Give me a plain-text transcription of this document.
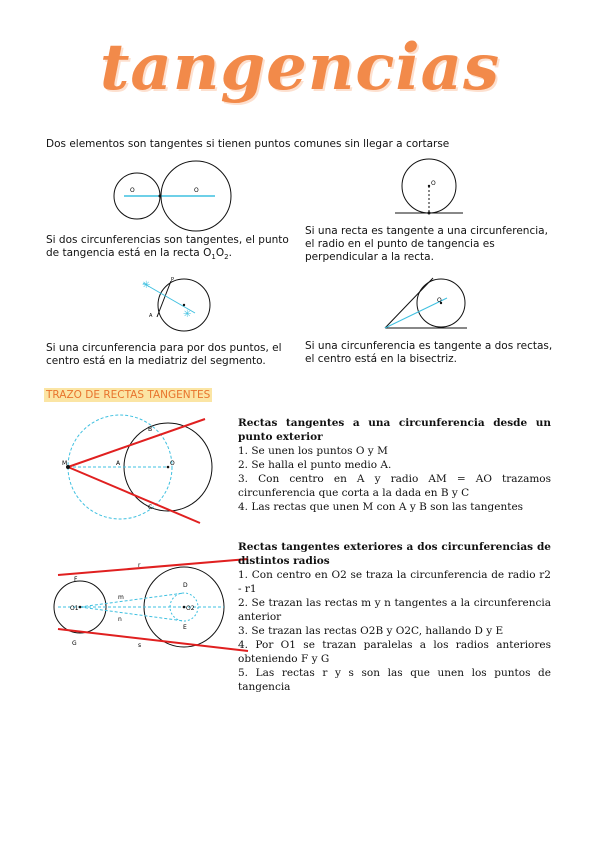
tangencias
Dos elementos son tangentes si tienen puntos comunes sin llegar a cortarse
O	O
O
Si dos circunferencias son tangentes, el punto
de tangencia está en la recta $O_1O_2$.
Si una recta es tangente a una circunferencia,
el radio en el punto de tangencia es
perpendicular a la recta.
✳
✳
P
A
O
Si una circunferencia para por dos puntos, el
centro está en la mediatriz del segmento.
Si una circunferencia es tangente a dos rectas,
el centro está en la bisectriz.
TRAZO DE RECTAS TANGENTES
M	A	O
B
C
Rectas tangentes a una circunferencia desde un punto exterior
1. Se unen los puntos O y M
2. Se halla el punto medio A.
3. Con centro en A y radio AM = AO trazamos circunferencia que corta a la dada en B y C
4. Las rectas que unen M con A y B son las tangentes
O1	O2
D
E
F
G
m
n
r
s
Rectas tangentes exteriores a dos circunferencias de distintos radios
1. Con centro en O2 se traza la circunferencia de radio r2 - r1
2. Se trazan las rectas m y n tangentes a la circunferencia anterior
3. Se trazan las rectas O2B y O2C, hallando D y E
4. Por O1 se trazan paralelas a los radios anteriores obteniendo F y G
5. Las rectas r y s son las que unen los puntos de tangencia
